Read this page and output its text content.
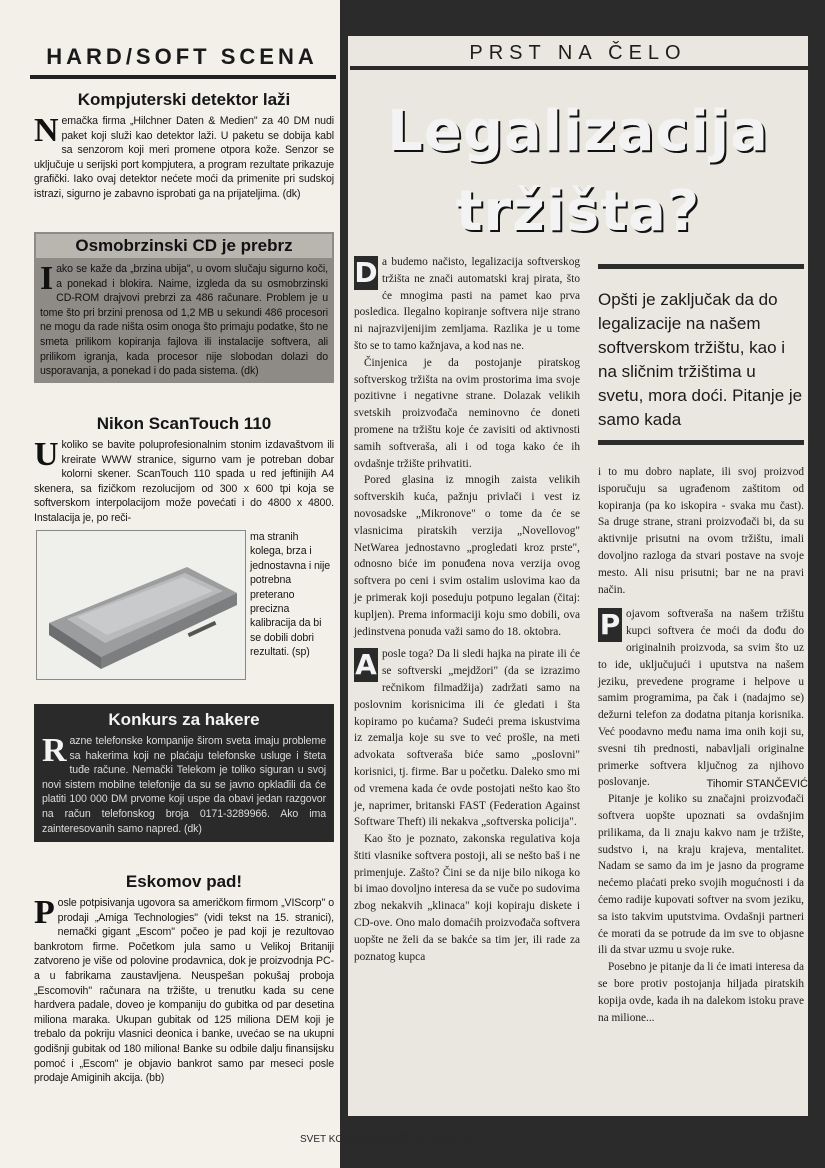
HARD/SOFT SCENA
Kompjuterski detektor laži

Nemačka firma „Hilchner Daten & Medien" za 40 DM nudi paket koji služi kao detektor laži. U paketu se dobija kabl sa senzorom koji meri promene otpora kože. Senzor se uključuje u serijski port kompjutera, a program rezultate prikazuje grafički. Iako ovaj detektor nećete moći da primenite pri sudskoj istrazi, sigurno je zabavno isprobati ga na prijateljima. (dk)

Osmobrzinski CD je prebrz

Iako se kaže da „brzina ubija", u ovom slučaju sigurno koči, a ponekad i blokira. Naime, izgleda da su osmobrzinski CD-ROM drajvovi prebrzi za 486 računare. Problem je u tome što pri brzini prenosa od 1,2 MB u sekundi 486 procesori ne mogu da rade ništa osim onoga što primaju podatke, što ne smeta prilikom kopiranja fajlova ili instalacije softvera, ali prilikom igranja, kada procesor nije slobodan dolazi do usporavanja, a ponekad i do pada sistema. (dk)

Nikon ScanTouch 110

Ukoliko se bavite poluprofesionalnim stonim izdavaštvom ili kreirate WWW stranice, sigurno vam je potreban dobar kolorni skener. ScanTouch 110 spada u red jeftinijih A4 skenera, sa fizičkom rezolucijom od 300 x 600 tpi koja se softverskom interpolacijom može povećati i do 4800 x 4800. Instalacija je, po reči-

ma stranih kolega, brza i jednostavna i nije potrebna preterano precizna kalibracija da bi se dobili dobri rezultati. (sp)

Konkurs za hakere

Razne telefonske kompanije širom sveta imaju probleme sa hakerima koji ne plaćaju telefonske usluge i šteta tuđe račune. Nemački Telekom je toliko siguran u svoj novi sistem mobilne telefonije da su se javno opklađili da će platiti 100 000 DM prvome koji uspe da obavi jedan razgovor na račun telefonskog broja 0171-3289966. Ako ima zainteresovanih samo napred. (dk)

Eskomov pad!

Posle potpisivanja ugovora sa američkom firmom „VIScorp" o prodaji „Amiga Technologies" (vidi tekst na 15. stranici), nemački gigant „Escom" počeo je pad koji je rezultovao bankrotom firme. Početkom jula samo u Velikoj Britaniji zatvoreno je više od polovine prodavnica, dok je proizvodnja PC-a u fabrikama zaustavljena. Neuspešan pokušaj proboja „Escomovih" računara na tržište, u trenutku kada su cene hardvera padale, doveo je kompaniju do gubitka od par desetina miliona maraka. Ukupan gubitak od 125 miliona DEM koji je trebalo da pokriju vlasnici deonica i banke, uvećao se na ukupni godišnji gubitak od 180 miliona! Banke su odbile dalju finansijsku pomoć i „Escom" je objavio bankrot samo par meseci posle prodaje Amiginih akcija. (bb)

PRST NA ČELO
Legalizacija
tržišta?

D a budemo načisto, legalizacija softverskog tržišta ne znači automatski kraj pirata, što će mnogima pasti na pamet kao prva posledica. Ilegalno kopiranje softvera nije strano ni najrazvijenijim zemljama. Razlika je u tome što se to tamo kažnjava, a kod nas ne.

Činjenica je da postojanje piratskog softverskog tržišta na ovim prostorima ima svoje pozitivne i negativne strane. Dolazak velikih svetskih proizvođača neminovno će doneti promene na tržištu koje će zavisiti od aktivnosti samih softveraša, ali i od toga kako će ih ovdašnje tržište prihvatiti.

Pored glasina iz mnogih zaista velikih softverskih kuća, pažnju privlači i vest iz novosadske „Mikronove" o tome da će se vlasnicima piratskih verzija „Novellovog" NetWarea jednostavno „progledati kroz prste", odnosno biće im ponuđena nova verzija ovog softvera po ceni i svim ostalim uslovima kao da je primerak koji poseduju potpuno legalan (čitaj: kupljen). Prema informaciji koju smo dobili, ova jedinstvena ponuda važi samo do 18. oktobra.

A posle toga? Da li sledi hajka na pirate ili će se softverski „mejdžori" (da se izrazimo rečnikom filmadžija) zadržati samo na poslovnim korisnicima ili će gledati i šta kopiramo po kućama? Sudeći prema iskustvima iz zemalja koje su sve to već prošle, na meti advokata softveraša biće samo „poslovni" korisnici, tj. firme. Bar u početku. Daleko smo mi od vremena kada će ovde postojati nešto kao što je, naprimer, britanski FAST (Federation Against Software Theft) ili nekakva „softverska policija".

Kao što je poznato, zakonska regulativa koja štiti vlasnike softvera postoji, ali se nešto baš i ne primenjuje. Zašto? Čini se da nije bilo nikoga ko bi imao dovoljno interesa da se vuče po sudovima zbog nekakvih „klinaca" koji kopiraju diskete i CD-ove. Ono malo domaćih proizvođača softvera uopšte ne želi da se bakće sa tim jer, ili rade za poznatog kupca

Opšti je zaključak da do legalizacije na našem softverskom tržištu, kao i na sličnim tržištima u svetu, mora doći. Pitanje je samo kada

i to mu dobro naplate, ili svoj proizvod isporučuju sa ugrađenom zaštitom od kopiranja (pa ko iskopira - svaka mu čast). Sa druge strane, strani proizvođači bi, da su aktivnije prisutni na ovom tržištu, imali dovoljno razloga da stvari postave na svoje mesto. Ali nisu prisutni; bar ne na pravi način.

P ojavom softveraša na našem tržištu kupci softvera će moći da dođu do originalnih proizvoda, sa svim što uz to ide, uključujući i uputstva na našem jeziku, prevedene programe i helpove u samim programima, pa čak i (nadajmo se) dežurni telefon za dodatna pitanja korisnika. Već poodavno među nama ima onih koji su, svesni tih prednosti, nabavljali originalne primerke softvera ključnog za njihovo poslovanje.

Pitanje je koliko su značajni proizvođači softvera uopšte upoznati sa ovdašnjim prilikama, da li znaju kakvo nam je tržište, sudstvo i, na kraju krajeva, mentalitet. Nadam se samo da im je jasno da programe nećemo plaćati preko svojih mogućnosti i da ćemo radije kupovati softver na svom jeziku, sa isto takvim uputstvima. Ovdašnji partneri će morati da se potrude da im sve to objasne ili da stvar uzmu u svoje ruke.

Posebno je pitanje da li će imati interesa da se bore protiv postojanja hiljada piratskih kopija ovde, kada ih na dalekom istoku prave na milione...

Tihomir STANČEVIĆ
SVET KOMPJUTERA 9 OKTOBAR '96
